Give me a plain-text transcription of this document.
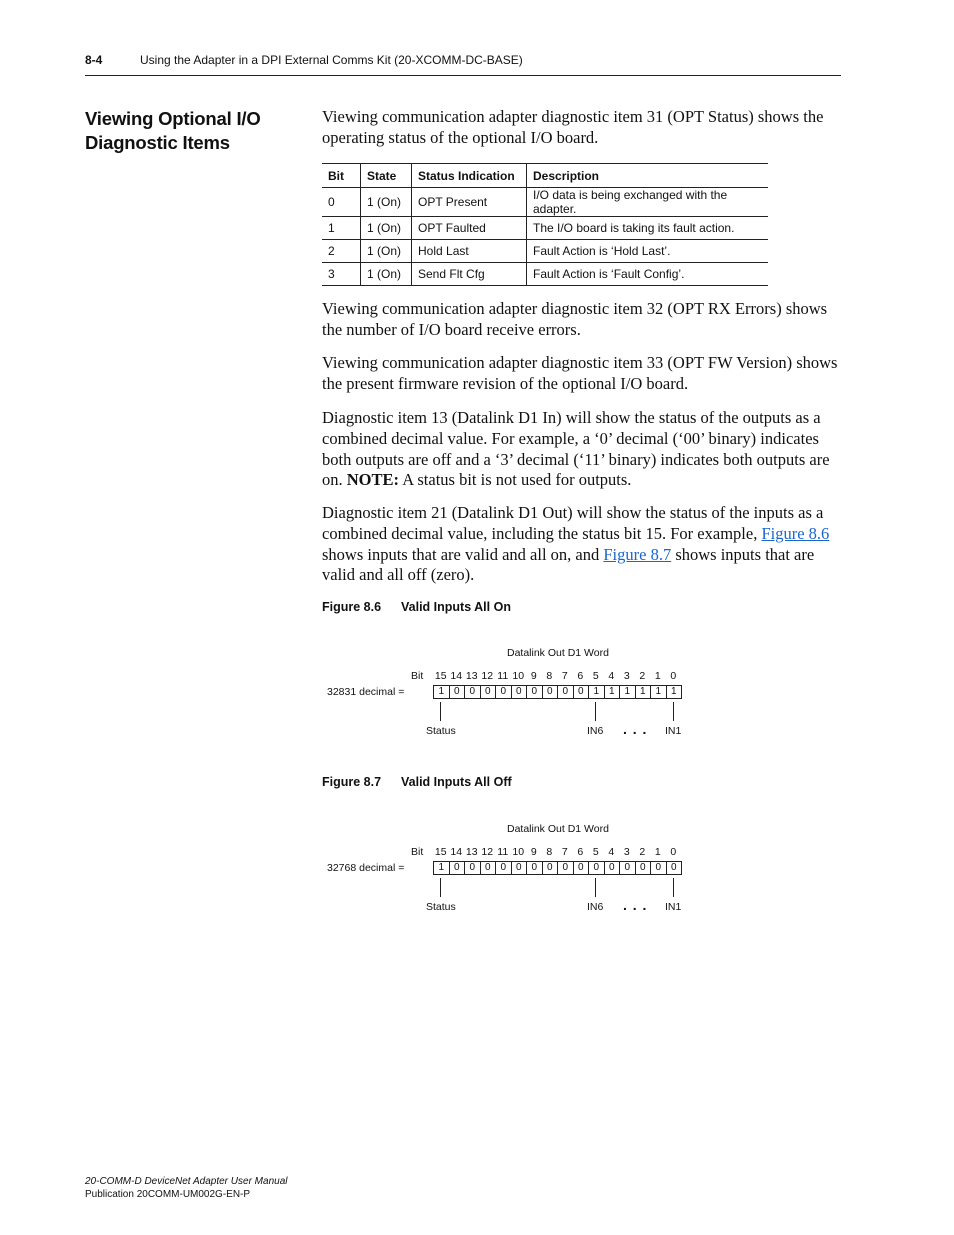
8-4	Using the Adapter in a DPI External Comms Kit (20-XCOMM-DC-BASE)
Viewing Optional I/O Diagnostic Items
Viewing communication adapter diagnostic item 31 (OPT Status) shows the operating status of the optional I/O board.
Bit	State	Status Indication	Description
0	1 (On)	OPT Present	I/O data is being exchanged with the adapter.
1	1 (On)	OPT Faulted	The I/O board is taking its fault action.
2	1 (On)	Hold Last	Fault Action is ‘Hold Last’.
3	1 (On)	Send Flt Cfg	Fault Action is ‘Fault Config’.
Viewing communication adapter diagnostic item 32 (OPT RX Errors) shows the number of I/O board receive errors.
Viewing communication adapter diagnostic item 33 (OPT FW Version) shows the present firmware revision of the optional I/O board.
Diagnostic item 13 (Datalink D1 In) will show the status of the outputs as a combined decimal value. For example, a ‘0’ decimal (‘00’ binary) indicates both outputs are off and a ‘3’ decimal (‘11’ binary) indicates both outputs are on. NOTE: A status bit is not used for outputs.
Diagnostic item 21 (Datalink D1 Out) will show the status of the inputs as a combined decimal value, including the status bit 15. For example, Figure 8.6 shows inputs that are valid and all on, and Figure 8.7 shows inputs that are valid and all off (zero).
Figure 8.6 Valid Inputs All On
Datalink Out D1 Word
Bit
32831 decimal =	1 0 0 0 0 0 0 0 0 0 1 1 1 1 1 1
Status	IN6 . . . IN1
15 14 13 12 11 10 9 8 7 6 5 4 3 2 1 0
Figure 8.7 Valid Inputs All Off
Datalink Out D1 Word
Bit
32768 decimal =	1 0 0 0 0 0 0 0 0 0 0 0 0 0 0 0
Status	IN6 . . . IN1
15 14 13 12 11 10 9 8 7 6 5 4 3 2 1 0
20-COMM-D DeviceNet Adapter User Manual
Publication 20COMM-UM002G-EN-P
